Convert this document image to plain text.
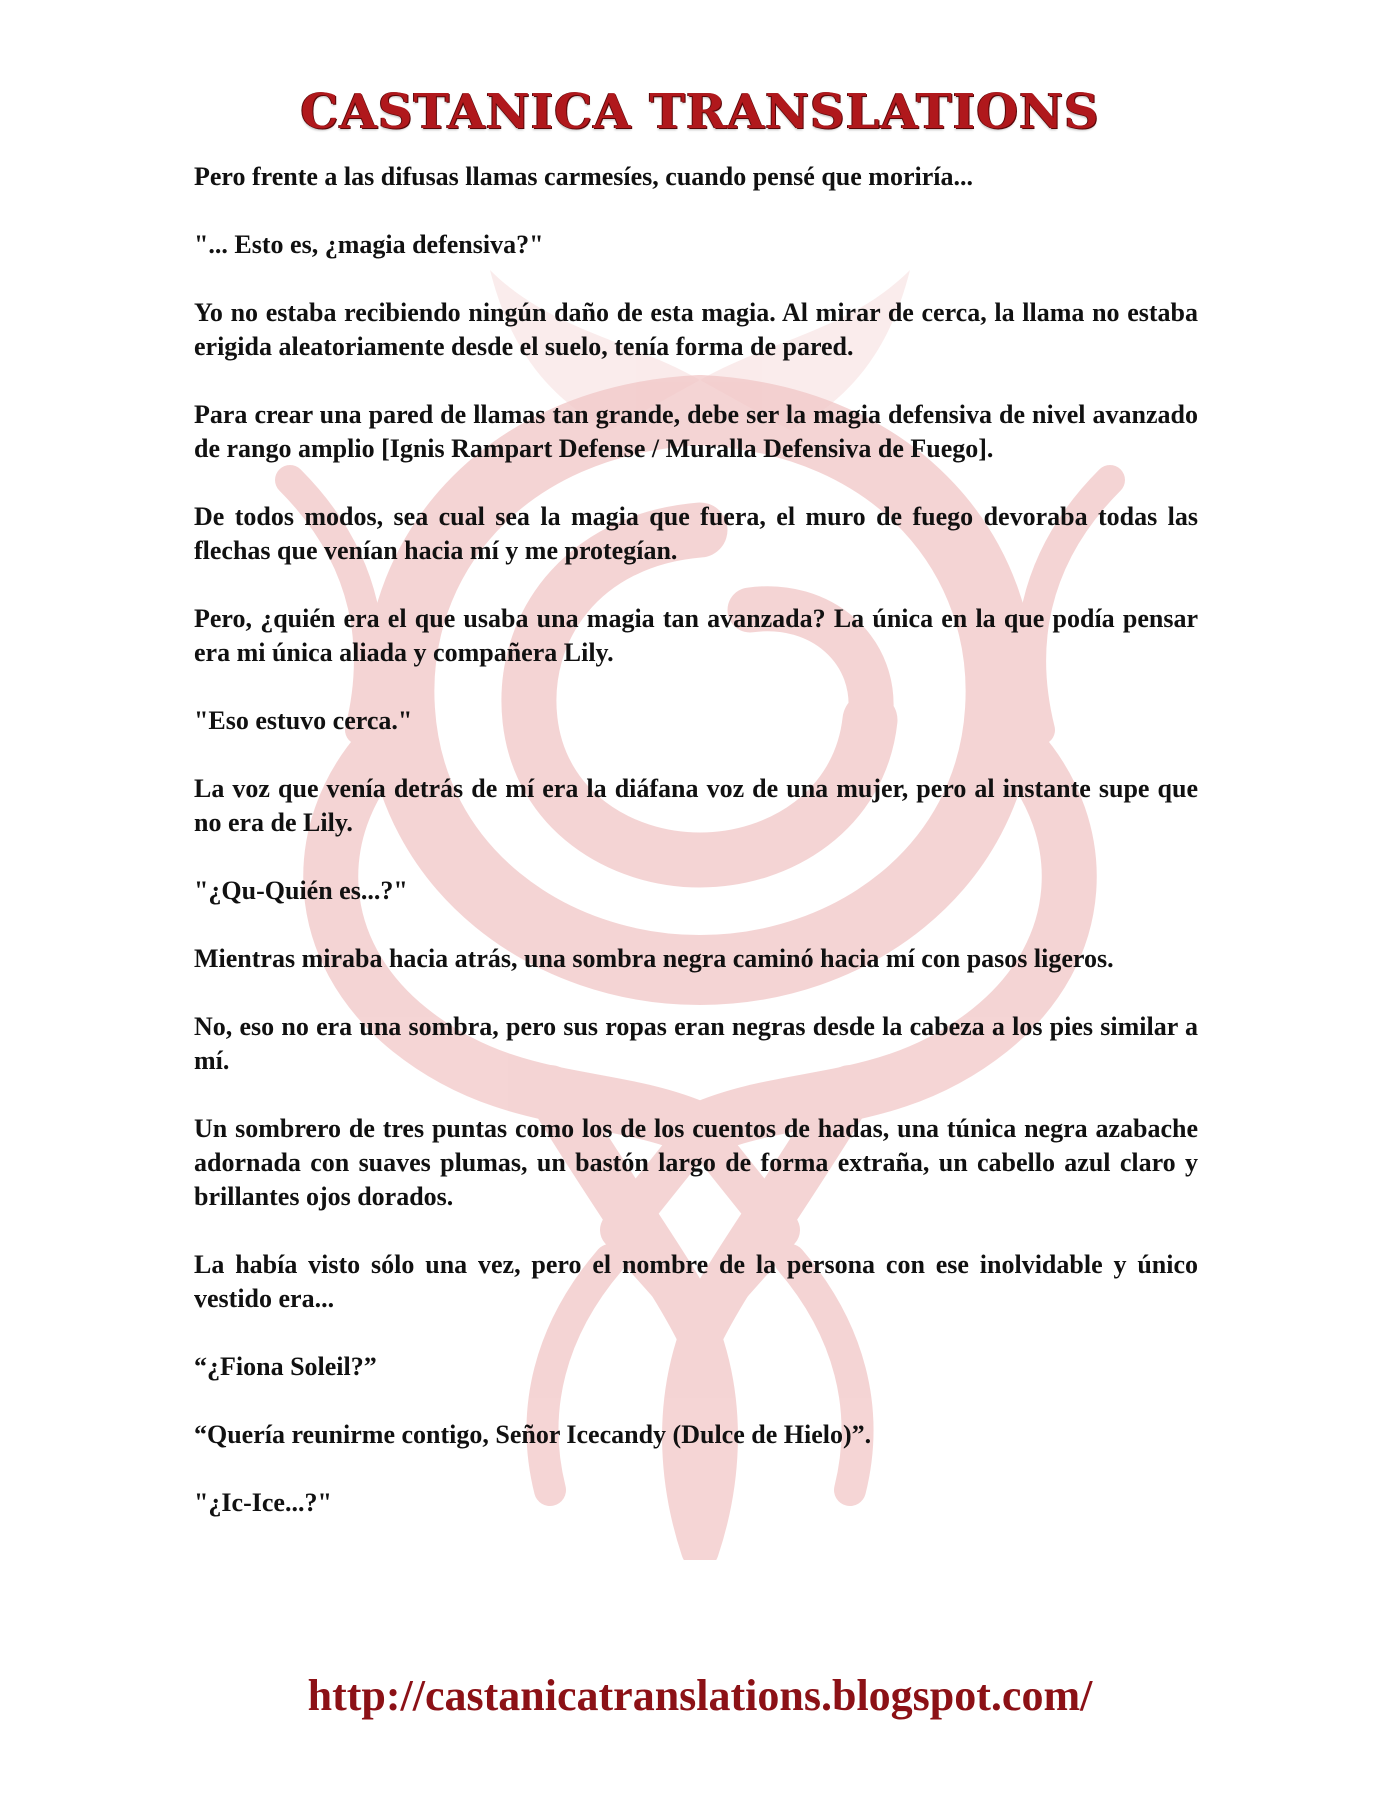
CASTANICA TRANSLATIONS

Pero frente a las difusas llamas carmesíes, cuando pensé que moriría...

"... Esto es, ¿magia defensiva?"

Yo no estaba recibiendo ningún daño de esta magia. Al mirar de cerca, la llama no estaba erigida aleatoriamente desde el suelo, tenía forma de pared.

Para crear una pared de llamas tan grande, debe ser la magia defensiva de nivel avanzado de rango amplio [Ignis Rampart Defense / Muralla Defensiva de Fuego].

De todos modos, sea cual sea la magia que fuera, el muro de fuego devoraba todas las flechas que venían hacia mí y me protegían.

Pero, ¿quién era el que usaba una magia tan avanzada? La única en la que podía pensar era mi única aliada y compañera Lily.

"Eso estuvo cerca."

La voz que venía detrás de mí era la diáfana voz de una mujer, pero al instante supe que no era de Lily.

"¿Qu-Quién es...?"

Mientras miraba hacia atrás, una sombra negra caminó hacia mí con pasos ligeros.

No, eso no era una sombra, pero sus ropas eran negras desde la cabeza a los pies similar a mí.

Un sombrero de tres puntas como los de los cuentos de hadas, una túnica negra azabache adornada con suaves plumas, un bastón largo de forma extraña, un cabello azul claro y brillantes ojos dorados.

La había visto sólo una vez, pero el nombre de la persona con ese inolvidable y único vestido era...

“¿Fiona Soleil?”

“Quería reunirme contigo, Señor Icecandy (Dulce de Hielo)”.

"¿Ic-Ice...?"

http://castanicatranslations.blogspot.com/
